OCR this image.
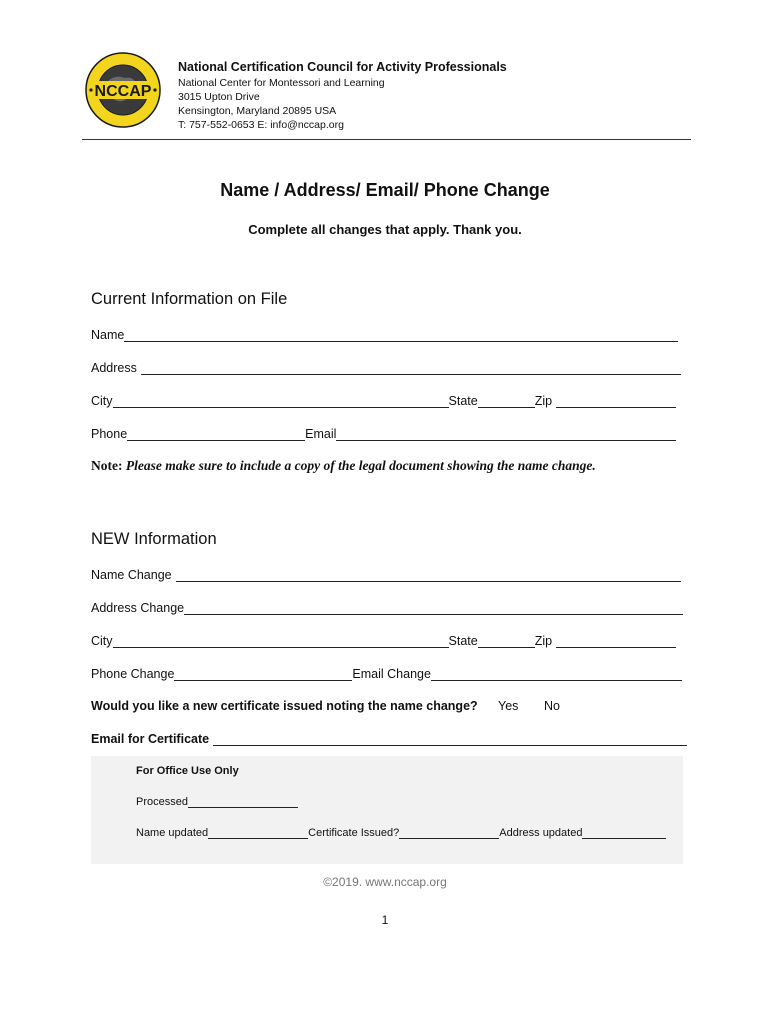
NCCAP
National Certification Council for Activity Professionals
National Center for Montessori and Learning
3015 Upton Drive
Kensington, Maryland 20895 USA
T: 757-552-0653 E: info@nccap.org
Name / Address/ Email/ Phone Change
Complete all changes that apply. Thank you.
Current Information on File
Name
Address
City	State	Zip
Phone	Email
Note: Please make sure to include a copy of the legal document showing the name change.
NEW Information
Name Change
Address Change
City	State	Zip
Phone Change	Email Change
Would you like a new certificate issued noting the name change? Yes No
Email for Certificate
For Office Use Only
Processed
Name updated	Certificate Issued?	Address updated
©2019. www.nccap.org
1
